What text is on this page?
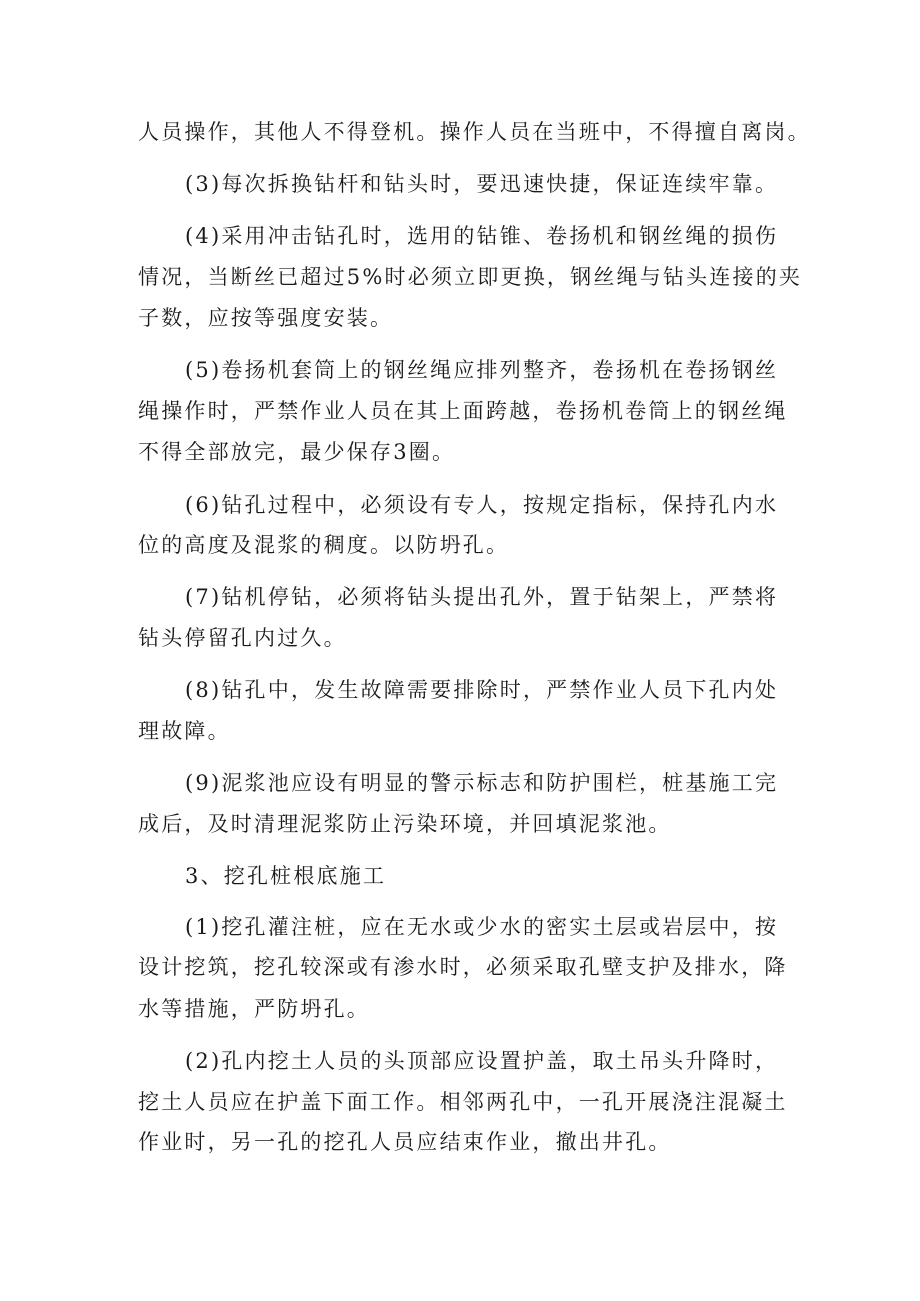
人员操作，其他人不得登机。操作人员在当班中，不得擅自离岗。
(3)每次拆换钻杆和钻头时，要迅速快捷，保证连续牢靠。
(4)采用冲击钻孔时，选用的钻锥、卷扬机和钢丝绳的损伤
情况，当断丝已超过5%时必须立即更换，钢丝绳与钻头连接的夹
子数，应按等强度安装。
(5)卷扬机套筒上的钢丝绳应排列整齐，卷扬机在卷扬钢丝
绳操作时，严禁作业人员在其上面跨越，卷扬机卷筒上的钢丝绳
不得全部放完，最少保存3圈。
(6)钻孔过程中，必须设有专人，按规定指标，保持孔内水
位的高度及混浆的稠度。以防坍孔。
(7)钻机停钻，必须将钻头提出孔外，置于钻架上，严禁将
钻头停留孔内过久。
(8)钻孔中，发生故障需要排除时，严禁作业人员下孔内处
理故障。
(9)泥浆池应设有明显的警示标志和防护围栏，桩基施工完
成后，及时清理泥浆防止污染环境，并回填泥浆池。
3、挖孔桩根底施工
(1)挖孔灌注桩，应在无水或少水的密实土层或岩层中，按
设计挖筑，挖孔较深或有渗水时，必须采取孔壁支护及排水，降
水等措施，严防坍孔。
(2)孔内挖土人员的头顶部应设置护盖，取土吊头升降时，
挖土人员应在护盖下面工作。相邻两孔中，一孔开展浇注混凝土
作业时，另一孔的挖孔人员应结束作业，撤出井孔。
